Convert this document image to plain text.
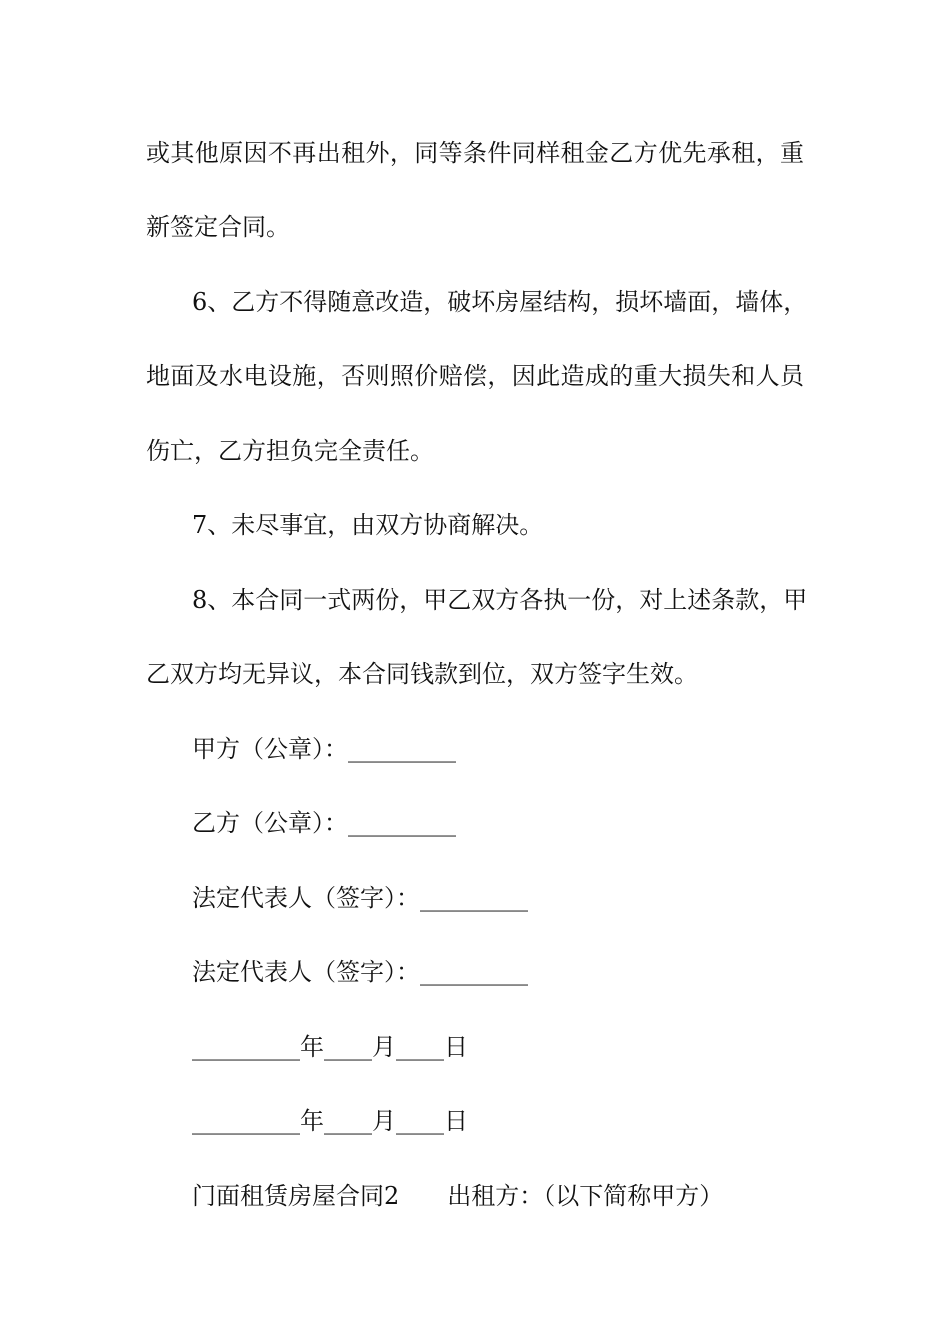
或其他原因不再出租外，同等条件同样租金乙方优先承租，重
新签定合同。
6、乙方不得随意改造，破坏房屋结构，损坏墙面，墙体，
地面及水电设施，否则照价赔偿，因此造成的重大损失和人员
伤亡，乙方担负完全责任。
7、未尽事宜，由双方协商解决。
8、本合同一式两份，甲乙双方各执一份，对上述条款，甲
乙双方均无异议，本合同钱款到位，双方签字生效。
甲方（公章）：_________
乙方（公章）：_________
法定代表人（签字）：_________
法定代表人（签字）：_________
_________年____月____日
_________年____月____日
门面租赁房屋合同2　　出租方：（以下简称甲方）
